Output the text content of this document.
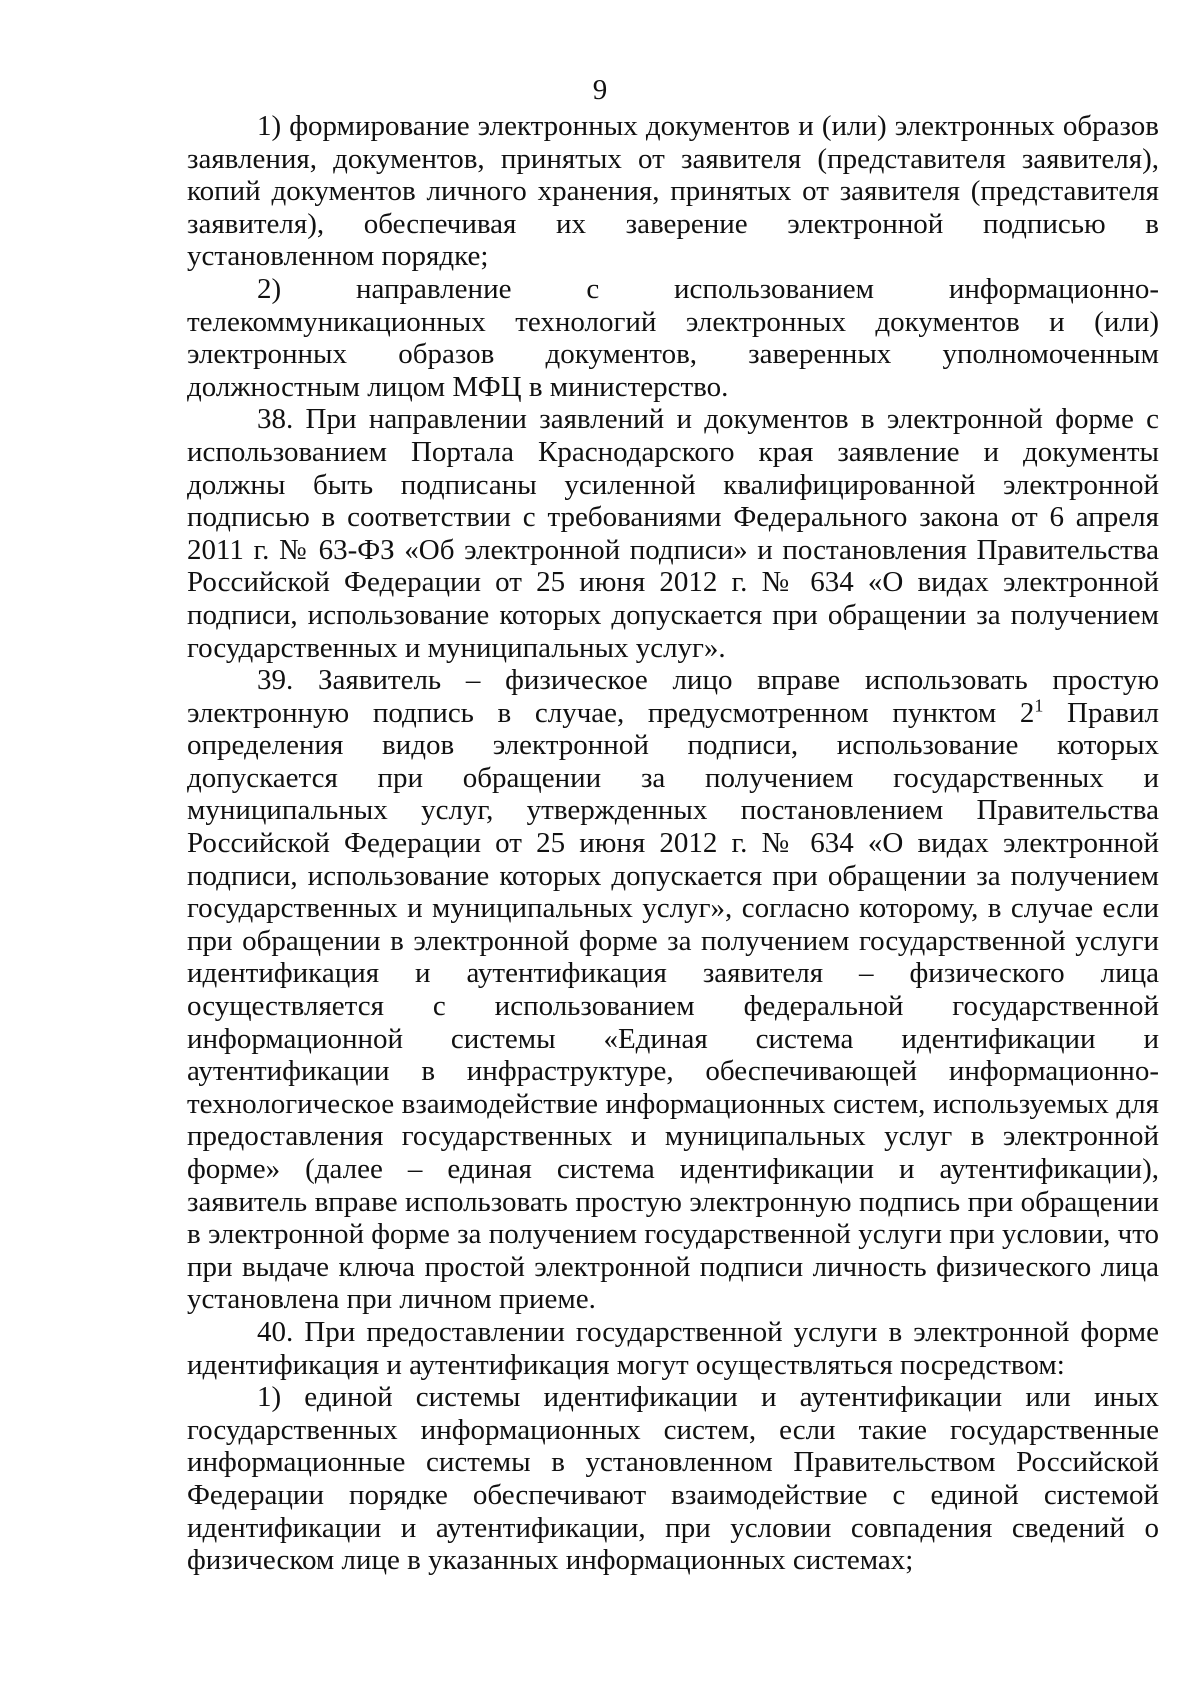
9

1) формирование электронных документов и (или) электронных образов заявления, документов, принятых от заявителя (представителя заявителя), копий документов личного хранения, принятых от заявителя (представителя заявителя), обеспечивая их заверение электронной подписью в установленном порядке;

2) направление с использованием информационно-телекоммуникационных технологий электронных документов и (или) электронных образов документов, заверенных уполномоченным должностным лицом МФЦ в министерство.

38. При направлении заявлений и документов в электронной форме с использованием Портала Краснодарского края заявление и документы должны быть подписаны усиленной квалифицированной электронной подписью в соответствии с требованиями Федерального закона от 6 апреля 2011 г. № 63-ФЗ «Об электронной подписи» и постановления Правительства Российской Федерации от 25 июня 2012 г. № 634 «О видах электронной подписи, использование которых допускается при обращении за получением государственных и муниципальных услуг».

39. Заявитель – физическое лицо вправе использовать простую электронную подпись в случае, предусмотренном пунктом $2^1$ Правил определения видов электронной подписи, использование которых допускается при обращении за получением государственных и муниципальных услуг, утвержденных постановлением Правительства Российской Федерации от 25 июня 2012 г. № 634 «О видах электронной подписи, использование которых допускается при обращении за получением государственных и муниципальных услуг», согласно которому, в случае если при обращении в электронной форме за получением государственной услуги идентификация и аутентификация заявителя – физического лица осуществляется с использованием федеральной государственной информационной системы «Единая система идентификации и аутентификации в инфраструктуре, обеспечивающей информационно-технологическое взаимодействие информационных систем, используемых для предоставления государственных и муниципальных услуг в электронной форме» (далее – единая система идентификации и аутентификации), заявитель вправе использовать простую электронную подпись при обращении в электронной форме за получением государственной услуги при условии, что при выдаче ключа простой электронной подписи личность физического лица установлена при личном приеме.

40. При предоставлении государственной услуги в электронной форме идентификация и аутентификация могут осуществляться посредством:

1) единой системы идентификации и аутентификации или иных государственных информационных систем, если такие государственные информационные системы в установленном Правительством Российской Федерации порядке обеспечивают взаимодействие с единой системой идентификации и аутентификации, при условии совпадения сведений о физическом лице в указанных информационных системах;
